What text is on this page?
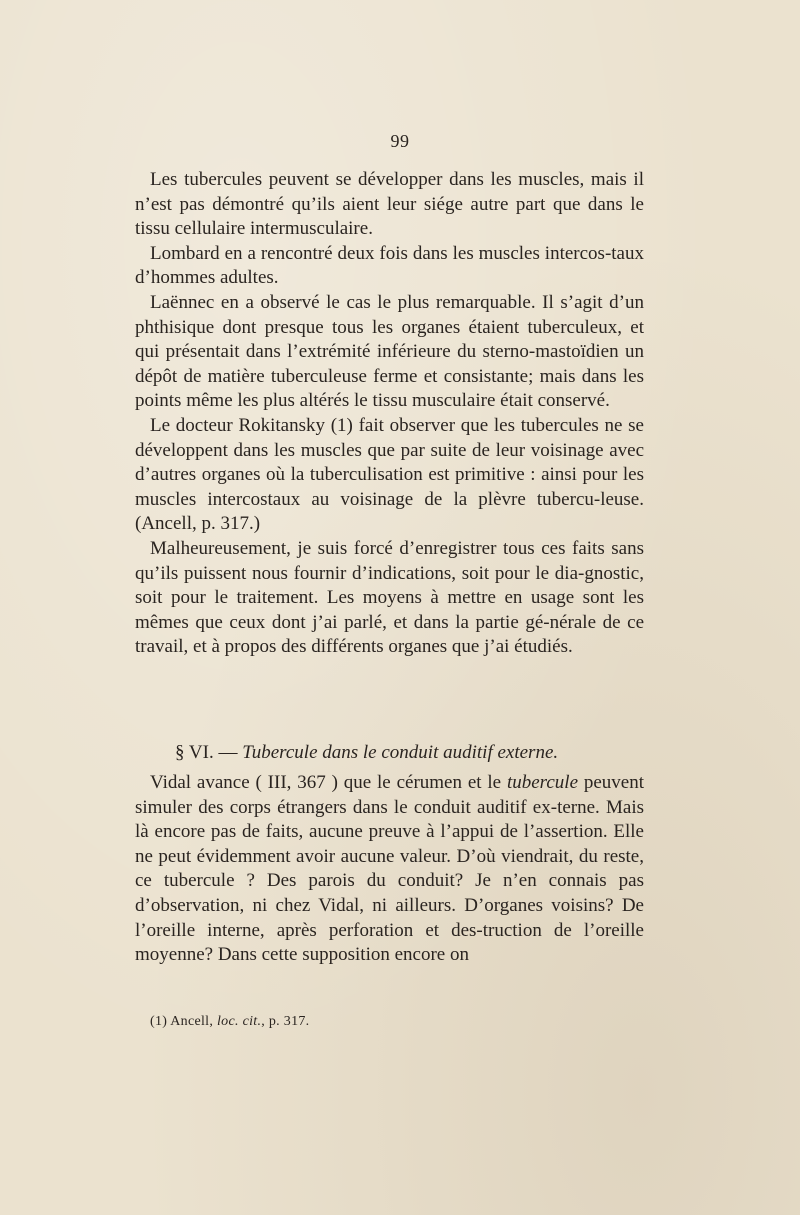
99

Les tubercules peuvent se développer dans les muscles, mais il n’est pas démontré qu’ils aient leur siége autre part que dans le tissu cellulaire intermusculaire.

Lombard en a rencontré deux fois dans les muscles intercos-taux d’hommes adultes.

Laënnec en a observé le cas le plus remarquable. Il s’agit d’un phthisique dont presque tous les organes étaient tuberculeux, et qui présentait dans l’extrémité inférieure du sterno-mastoïdien un dépôt de matière tuberculeuse ferme et consistante; mais dans les points même les plus altérés le tissu musculaire était conservé.

Le docteur Rokitansky (1) fait observer que les tubercules ne se développent dans les muscles que par suite de leur voisinage avec d’autres organes où la tuberculisation est primitive : ainsi pour les muscles intercostaux au voisinage de la plèvre tubercu-leuse. (Ancell, p. 317.)

Malheureusement, je suis forcé d’enregistrer tous ces faits sans qu’ils puissent nous fournir d’indications, soit pour le dia-gnostic, soit pour le traitement. Les moyens à mettre en usage sont les mêmes que ceux dont j’ai parlé, et dans la partie gé-nérale de ce travail, et à propos des différents organes que j’ai étudiés.

§ VI. — Tubercule dans le conduit auditif externe.

Vidal avance ( III, 367 ) que le cérumen et le tubercule peuvent simuler des corps étrangers dans le conduit auditif ex-terne. Mais là encore pas de faits, aucune preuve à l’appui de l’assertion. Elle ne peut évidemment avoir aucune valeur. D’où viendrait, du reste, ce tubercule ? Des parois du conduit? Je n’en connais pas d’observation, ni chez Vidal, ni ailleurs. D’organes voisins? De l’oreille interne, après perforation et des-truction de l’oreille moyenne? Dans cette supposition encore on

(1) Ancell, loc. cit., p. 317.
